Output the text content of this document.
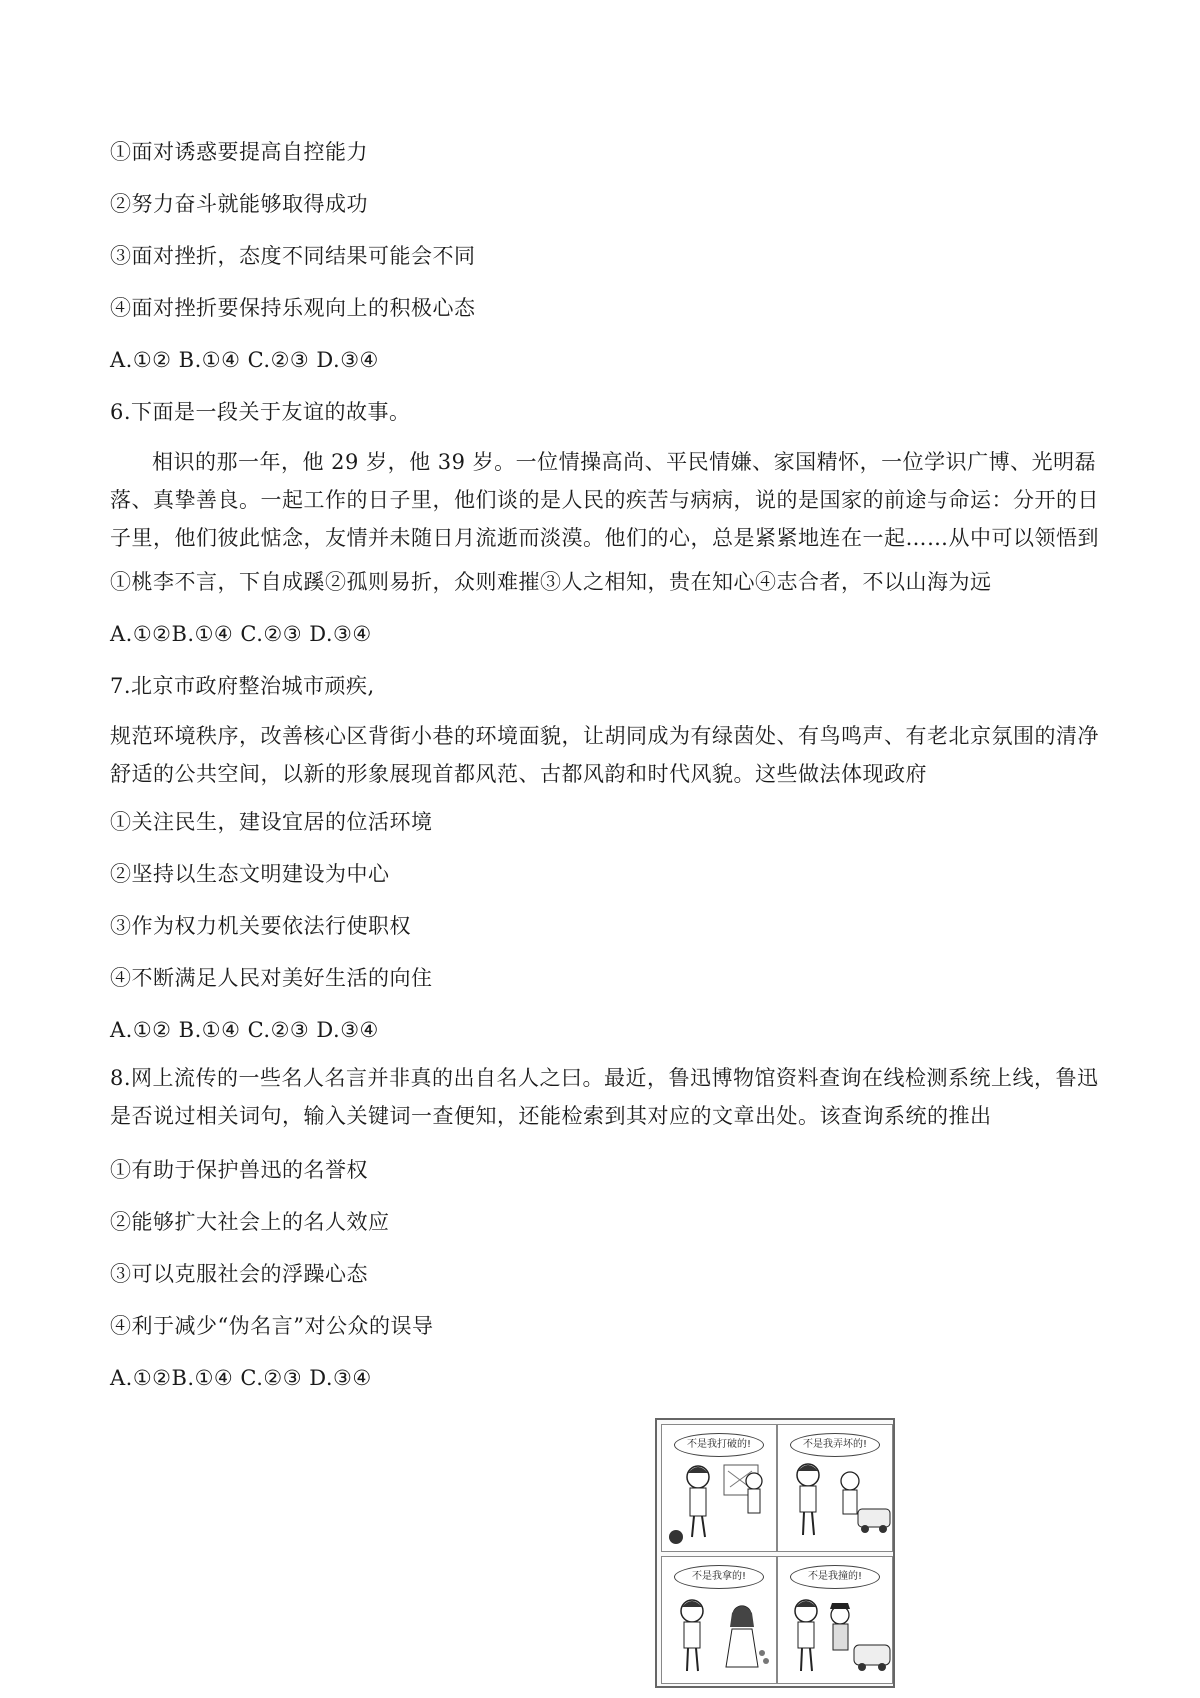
①面对诱惑要提高自控能力
②努力奋斗就能够取得成功
③面对挫折，态度不同结果可能会不同
④面对挫折要保持乐观向上的积极心态
A.①② B.①④ C.②③ D.③④
6.下面是一段关于友谊的故事。
相识的那一年，他 29 岁，他 39 岁。一位情操高尚、平民情嫌、家国精怀，一位学识广博、光明磊落、真挚善良。一起工作的日子里，他们谈的是人民的疾苦与病病，说的是国家的前途与命运：分开的日子里，他们彼此惦念，友情并未随日月流逝而淡漠。他们的心，总是紧紧地连在一起……从中可以领悟到
①桃李不言，下自成蹊②孤则易折，众则难摧③人之相知，贵在知心④志合者，不以山海为远
A.①②B.①④ C.②③ D.③④
7.北京市政府整治城市顽疾,
规范环境秩序，改善核心区背街小巷的环境面貌，让胡同成为有绿茵处、有鸟鸣声、有老北京氛围的清净舒适的公共空间，以新的形象展现首都风范、古都风韵和时代风貌。这些做法体现政府
①关注民生，建设宜居的位活环境
②坚持以生态文明建设为中心
③作为权力机关要依法行使职权
④不断满足人民对美好生活的向住
A.①② B.①④ C.②③ D.③④
8.网上流传的一些名人名言并非真的出自名人之曰。最近，鲁迅博物馆资料查询在线检测系统上线，鲁迅是否说过相关词句，输入关键词一查便知，还能检索到其对应的文章出处。该查询系统的推出
①有助于保护兽迅的名誉权
②能够扩大社会上的名人效应
③可以克服社会的浮躁心态
④利于减少“伪名言”对公众的误导
A.①②B.①④ C.②③ D.③④
不是我打破的!	不是我弄坏的!
不是我拿的!	不是我撞的!
